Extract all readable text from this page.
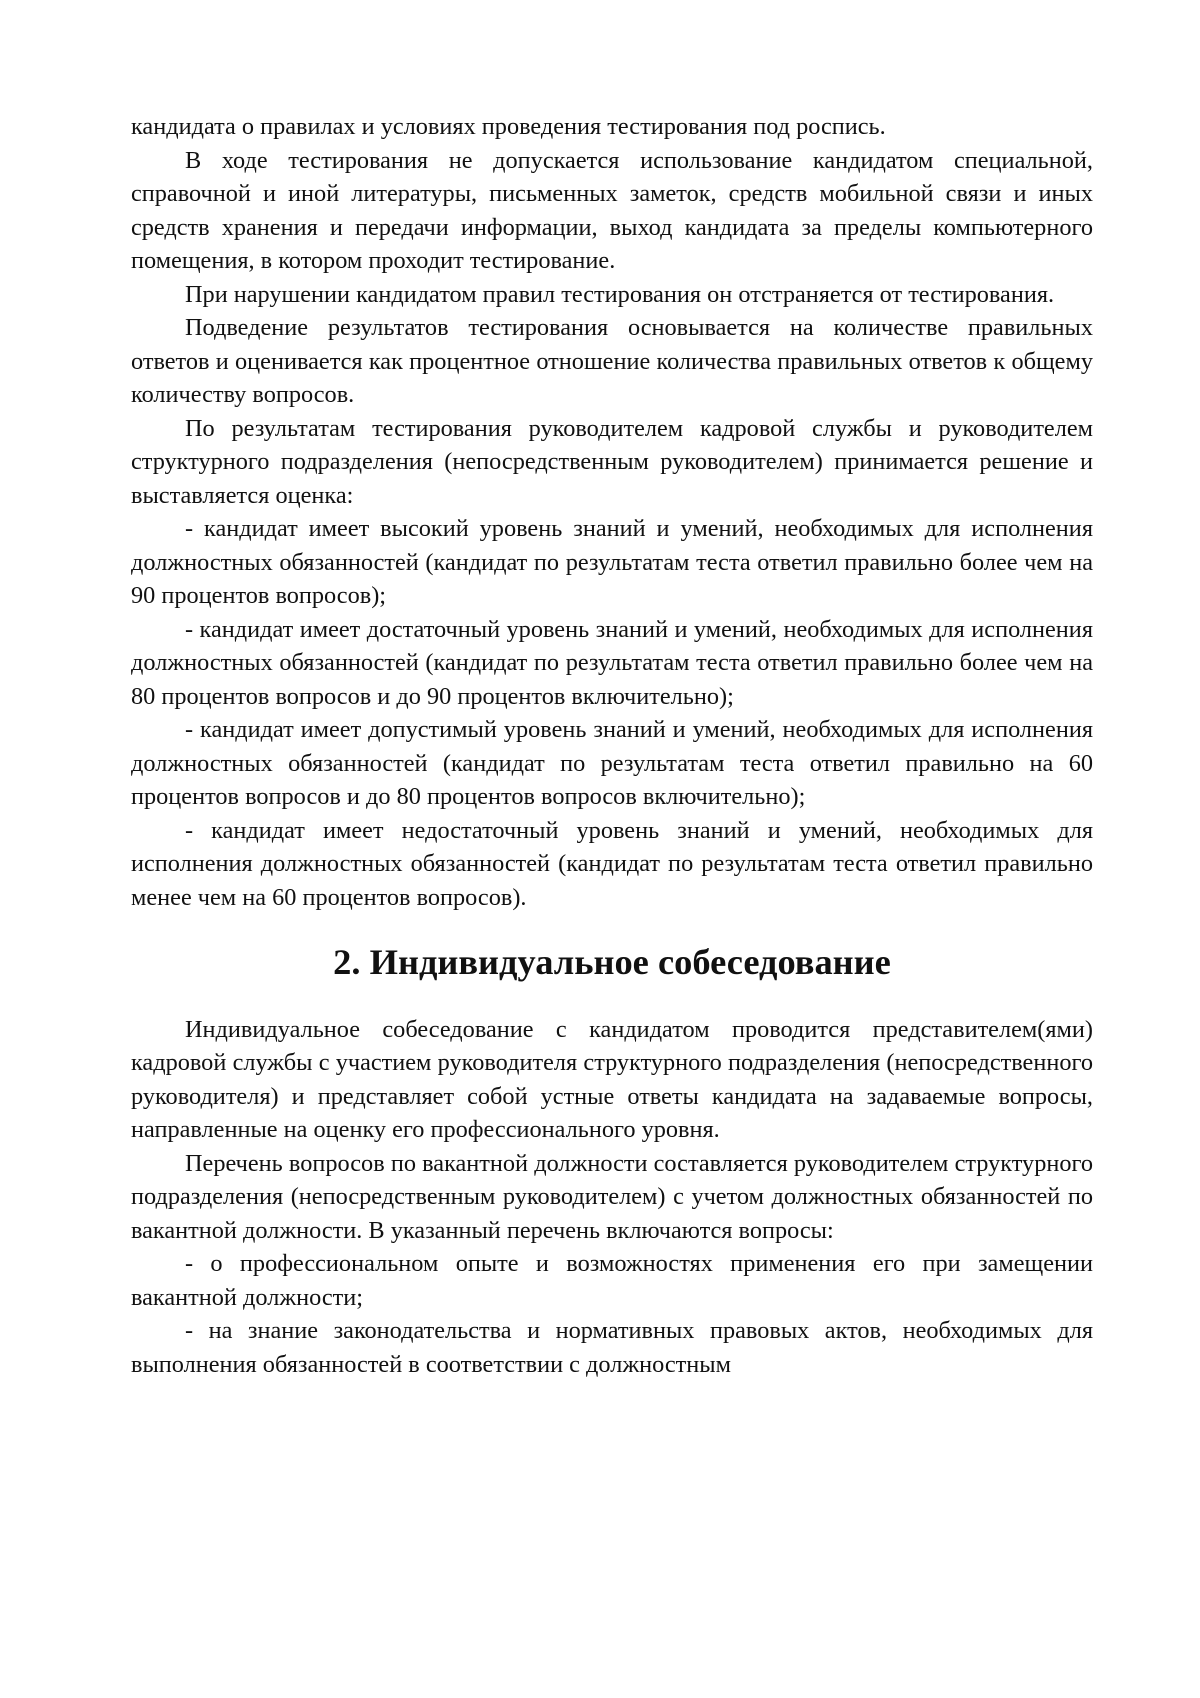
кандидата о правилах и условиях проведения тестирования под роспись.

В ходе тестирования не допускается использование кандидатом специальной, справочной и иной литературы, письменных заметок, средств мобильной связи и иных средств хранения и передачи информации, выход кандидата за пределы компьютерного помещения, в котором проходит тестирование.

При нарушении кандидатом правил тестирования он отстраняется от тестирования.

Подведение результатов тестирования основывается на количестве правильных ответов и оценивается как процентное отношение количества правильных ответов к общему количеству вопросов.

По результатам тестирования руководителем кадровой службы и руководителем структурного подразделения (непосредственным руководителем) принимается решение и выставляется оценка:

- кандидат имеет высокий уровень знаний и умений, необходимых для исполнения должностных обязанностей (кандидат по результатам теста ответил правильно более чем на 90 процентов вопросов);

- кандидат имеет достаточный уровень знаний и умений, необходимых для исполнения должностных обязанностей (кандидат по результатам теста ответил правильно более чем на 80 процентов вопросов и до 90 процентов включительно);

- кандидат имеет допустимый уровень знаний и умений, необходимых для исполнения должностных обязанностей (кандидат по результатам теста ответил правильно на 60 процентов вопросов и до 80 процентов вопросов включительно);

- кандидат имеет недостаточный уровень знаний и умений, необходимых для исполнения должностных обязанностей (кандидат по результатам теста ответил правильно менее чем на 60 процентов вопросов).

2. Индивидуальное собеседование

Индивидуальное собеседование с кандидатом проводится представителем(ями) кадровой службы с участием руководителя структурного подразделения (непосредственного руководителя) и представляет собой устные ответы кандидата на задаваемые вопросы, направленные на оценку его профессионального уровня.

Перечень вопросов по вакантной должности составляется руководителем структурного подразделения (непосредственным руководителем) с учетом должностных обязанностей по вакантной должности. В указанный перечень включаются вопросы:

- о профессиональном опыте и возможностях применения его при замещении вакантной должности;

- на знание законодательства и нормативных правовых актов, необходимых для выполнения обязанностей в соответствии с должностным
